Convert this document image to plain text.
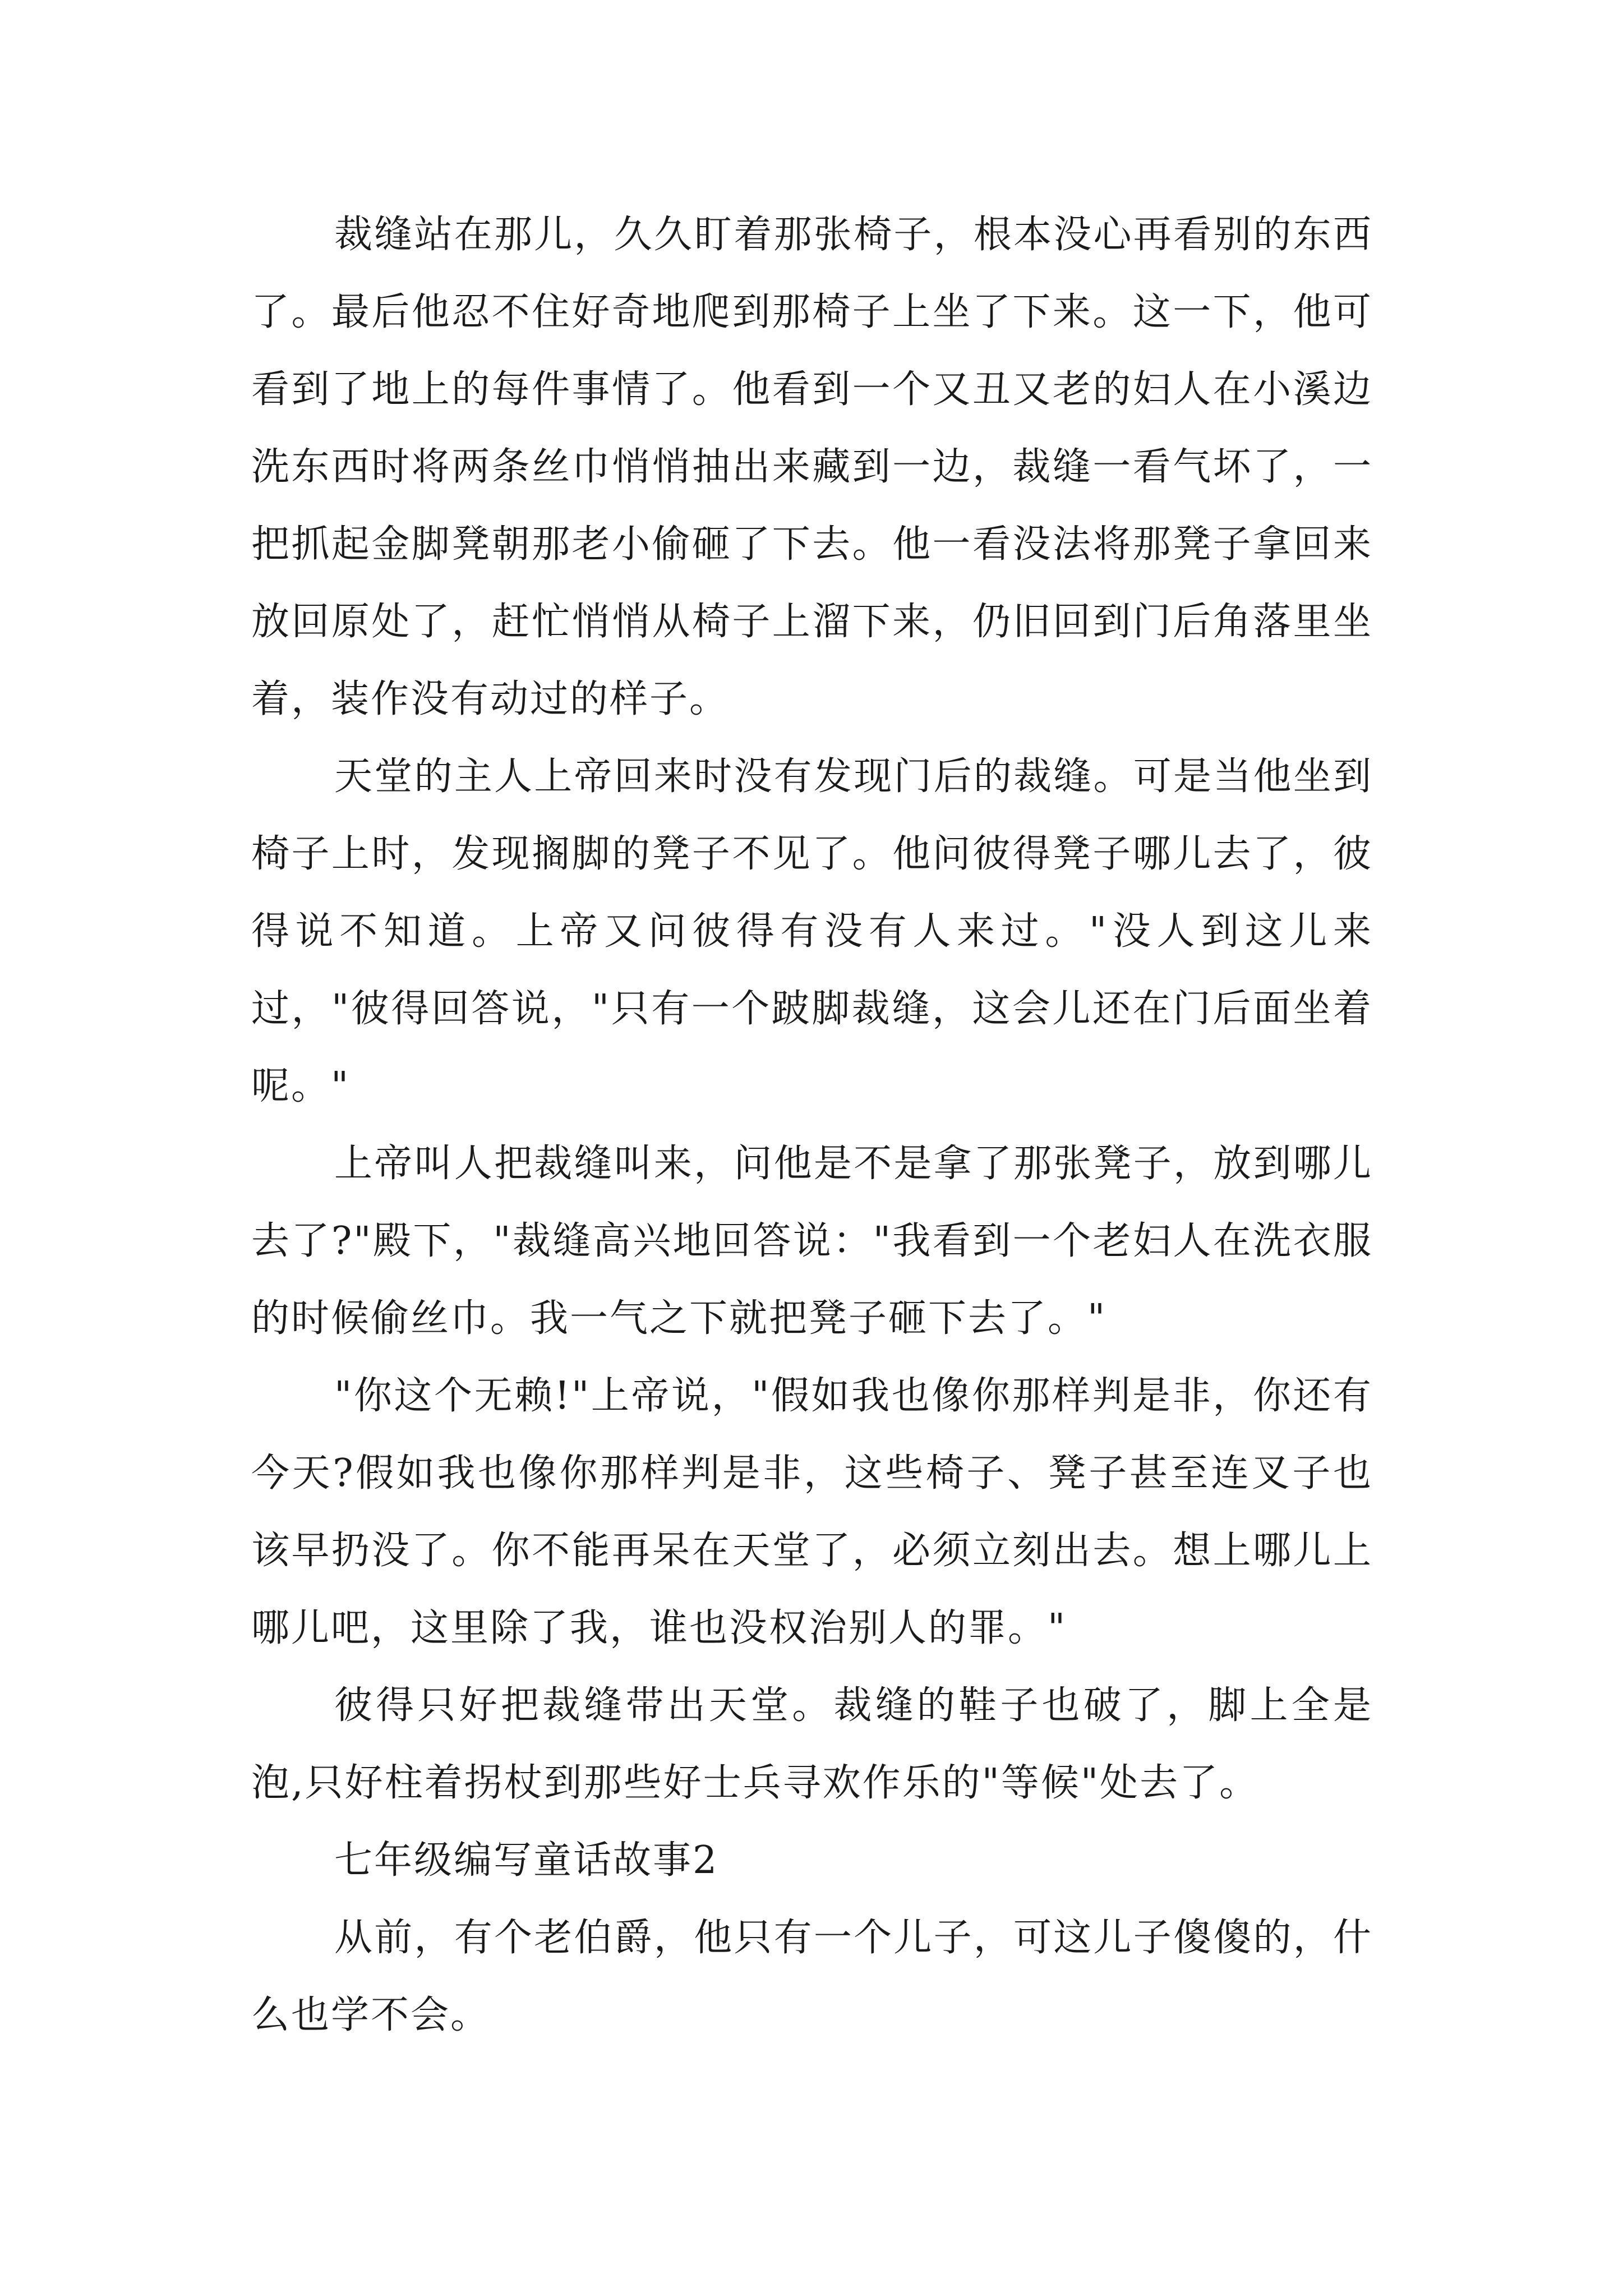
裁缝站在那儿，久久盯着那张椅子，根本没心再看别的东西了。最后他忍不住好奇地爬到那椅子上坐了下来。这一下，他可看到了地上的每件事情了。他看到一个又丑又老的妇人在小溪边洗东西时将两条丝巾悄悄抽出来藏到一边，裁缝一看气坏了，一把抓起金脚凳朝那老小偷砸了下去。他一看没法将那凳子拿回来放回原处了，赶忙悄悄从椅子上溜下来，仍旧回到门后角落里坐着，装作没有动过的样子。

天堂的主人上帝回来时没有发现门后的裁缝。可是当他坐到椅子上时，发现搁脚的凳子不见了。他问彼得凳子哪儿去了，彼得说不知道。上帝又问彼得有没有人来过。"没人到这儿来过，"彼得回答说，"只有一个跛脚裁缝，这会儿还在门后面坐着呢。"

上帝叫人把裁缝叫来，问他是不是拿了那张凳子，放到哪儿去了?"殿下，"裁缝高兴地回答说："我看到一个老妇人在洗衣服的时候偷丝巾。我一气之下就把凳子砸下去了。"

"你这个无赖!"上帝说，"假如我也像你那样判是非，你还有今天?假如我也像你那样判是非，这些椅子、凳子甚至连叉子也该早扔没了。你不能再呆在天堂了，必须立刻出去。想上哪儿上哪儿吧，这里除了我，谁也没权治别人的罪。"

彼得只好把裁缝带出天堂。裁缝的鞋子也破了，脚上全是泡,只好柱着拐杖到那些好士兵寻欢作乐的"等候"处去了。

七年级编写童话故事2

从前，有个老伯爵，他只有一个儿子，可这儿子傻傻的，什么也学不会。
